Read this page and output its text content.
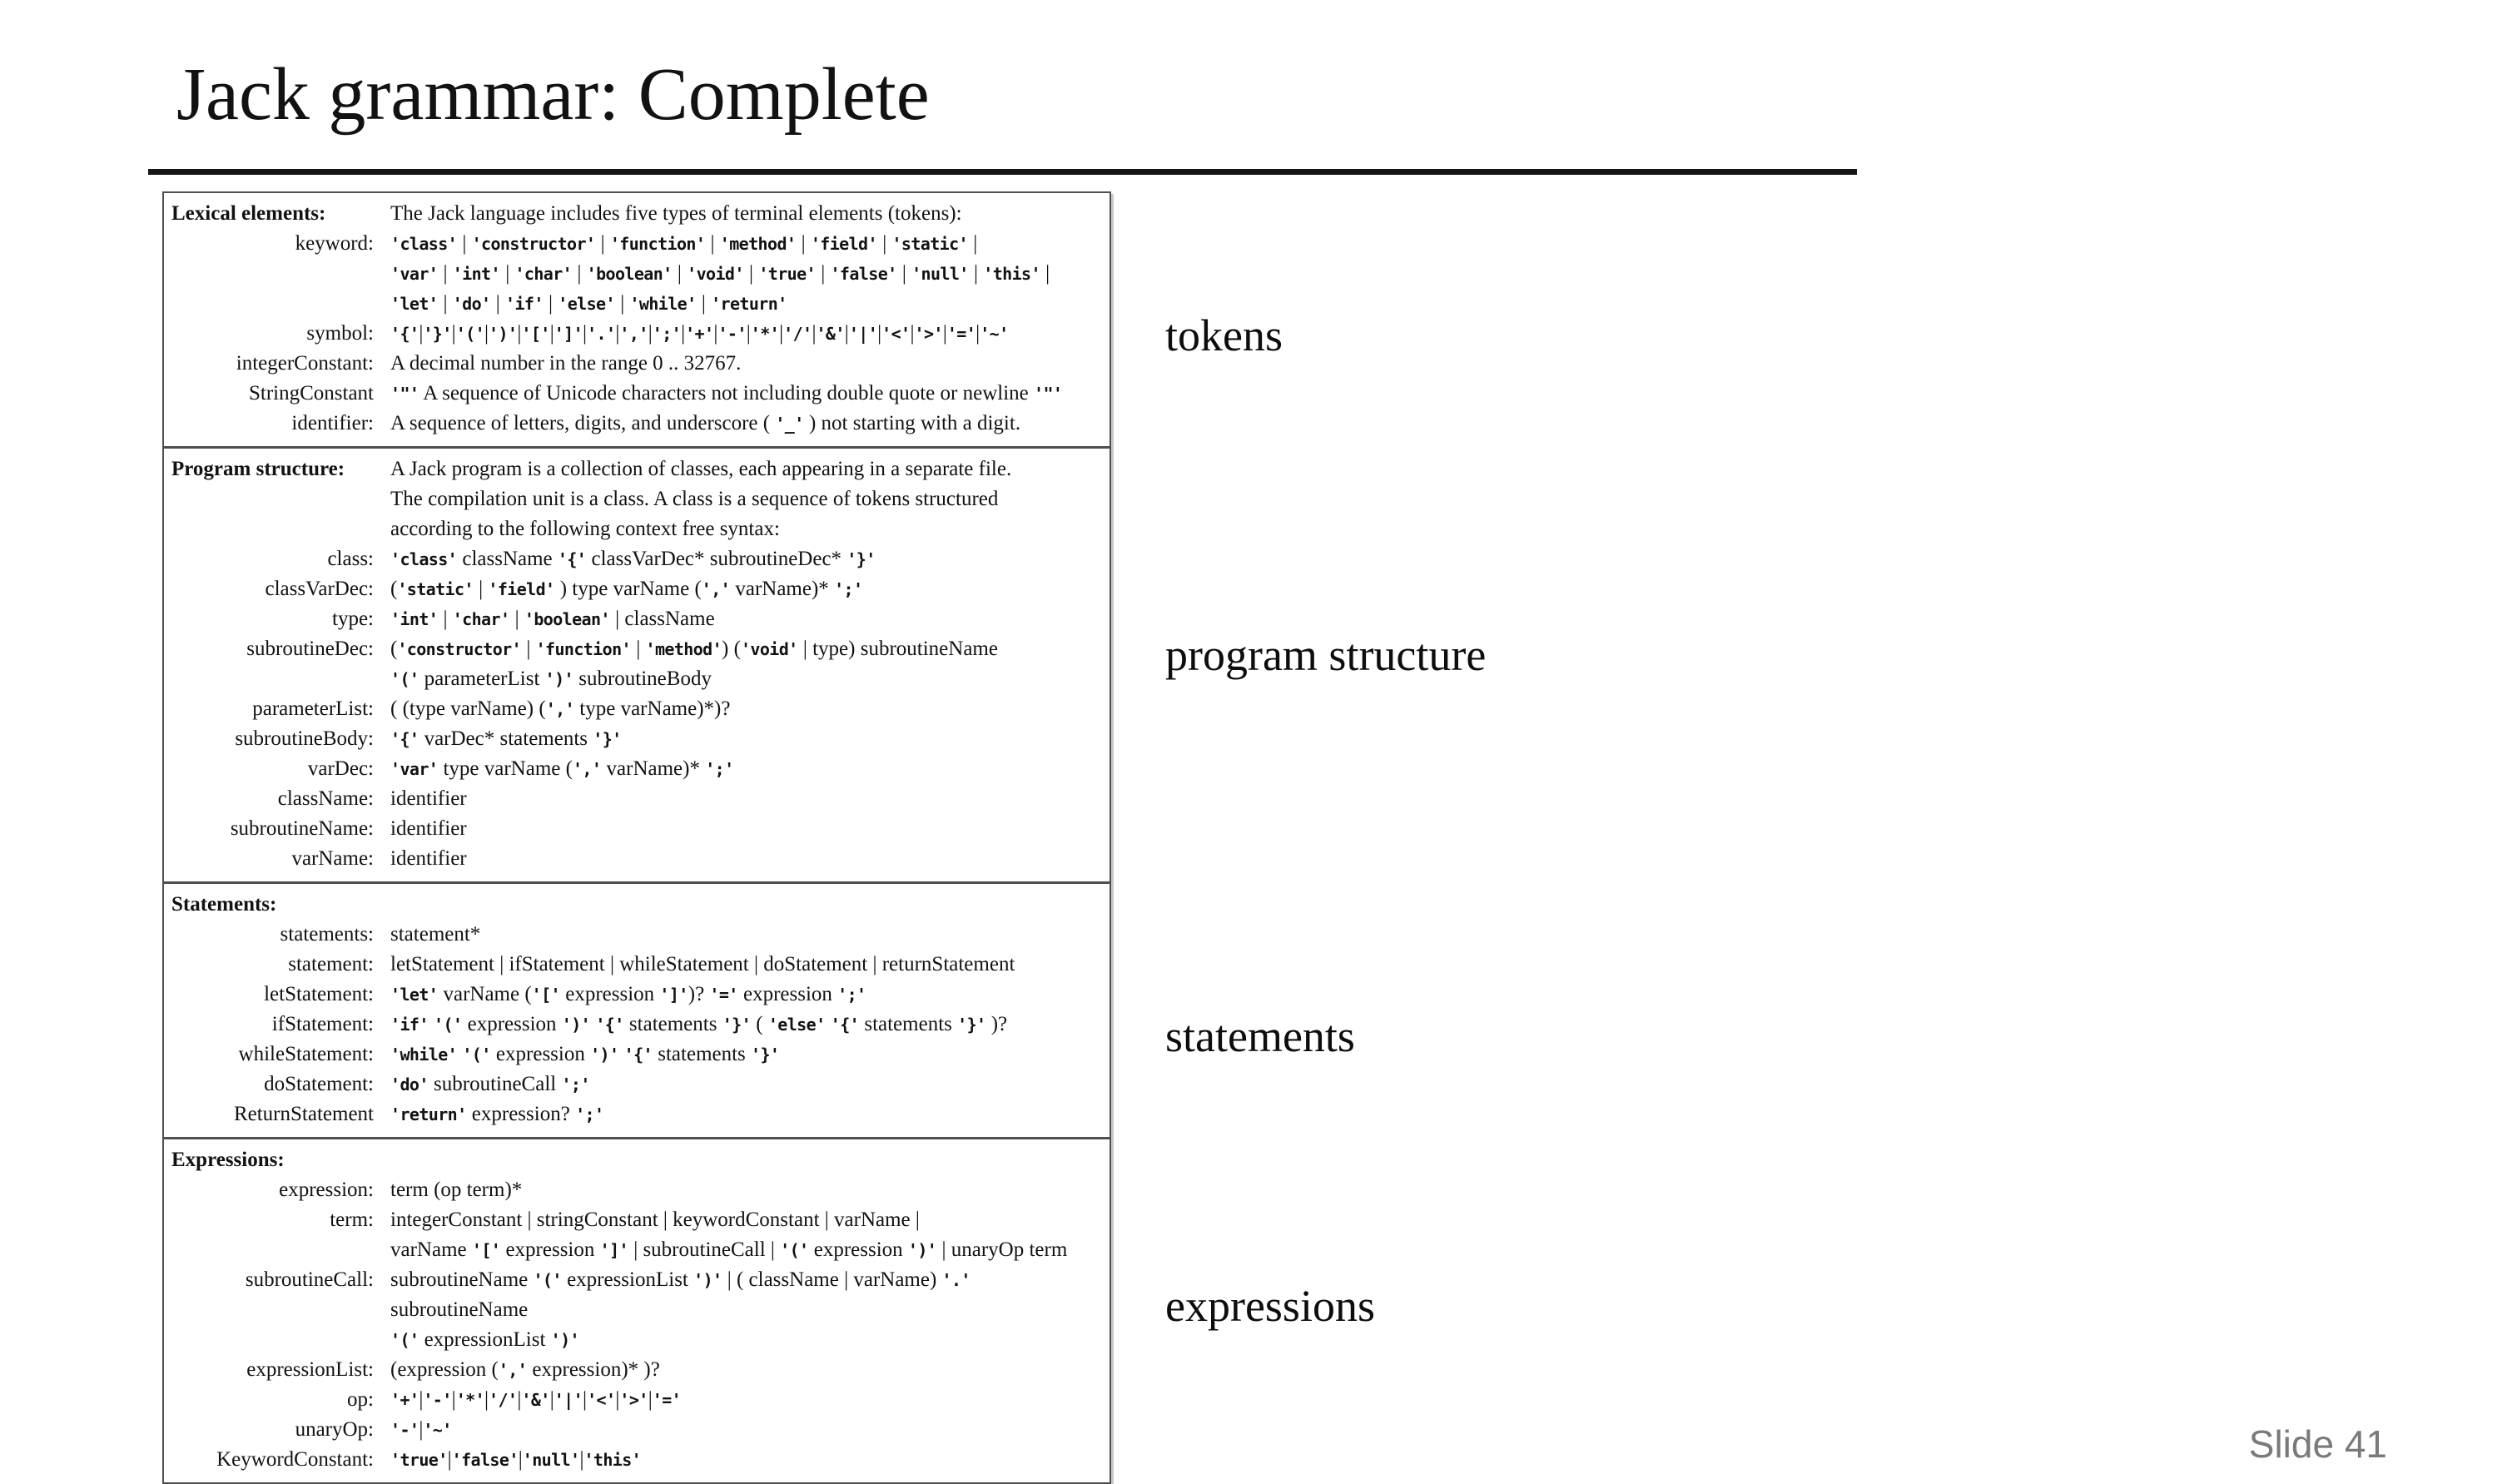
Jack grammar: Complete
Lexical elements:	The Jack language includes five types of terminal elements (tokens):
keyword: 'class' | 'constructor' | 'function' | 'method' | 'field' | 'static' |
'var' | 'int' | 'char' | 'boolean' | 'void' | 'true' | 'false' | 'null' | 'this' |
'let' | 'do' | 'if' | 'else' | 'while' | 'return'
symbol: '{'|'}'|'('|')'|'['|']'|'.'|','|';'|'+'|'-'|'*'|'/'|'&'|'|'|'<'|'>'|'='|'~'
integerConstant: A decimal number in the range 0 .. 32767.
StringConstant '"' A sequence of Unicode characters not including double quote or newline '"'
identifier: A sequence of letters, digits, and underscore ( '_' ) not starting with a digit.
Program structure:	A Jack program is a collection of classes, each appearing in a separate file.
The compilation unit is a class. A class is a sequence of tokens structured
according to the following context free syntax:
class: 'class' className '{' classVarDec* subroutineDec* '}'
classVarDec: ('static' | 'field' ) type varName (',' varName)* ';'
type: 'int' | 'char' | 'boolean' | className
subroutineDec: ('constructor' | 'function' | 'method') ('void' | type) subroutineName
'(' parameterList ')' subroutineBody
parameterList: ( (type varName) (',' type varName)*)?
subroutineBody: '{' varDec* statements '}'
varDec: 'var' type varName (',' varName)* ';'
className: identifier
subroutineName: identifier
varName: identifier
Statements:
statements: statement*
statement: letStatement | ifStatement | whileStatement | doStatement | returnStatement
letStatement: 'let' varName ('[' expression ']')? '=' expression ';'
ifStatement: 'if' '(' expression ')' '{' statements '}' ( 'else' '{' statements '}' )?
whileStatement: 'while' '(' expression ')' '{' statements '}'
doStatement: 'do' subroutineCall ';'
ReturnStatement 'return' expression? ';'
Expressions:
expression: term (op term)*
term: integerConstant | stringConstant | keywordConstant | varName |
varName '[' expression ']' | subroutineCall | '(' expression ')' | unaryOp term
subroutineCall: subroutineName '(' expressionList ')' | ( className | varName) '.' subroutineName
'(' expressionList ')'
expressionList: (expression (',' expression)* )?
op: '+'|'-'|'*'|'/'|'&'|'|'|'<'|'>'|'='
unaryOp: '-'|'~'
KeywordConstant: 'true'|'false'|'null'|'this'
tokens
program structure
statements
expressions
Slide 41
